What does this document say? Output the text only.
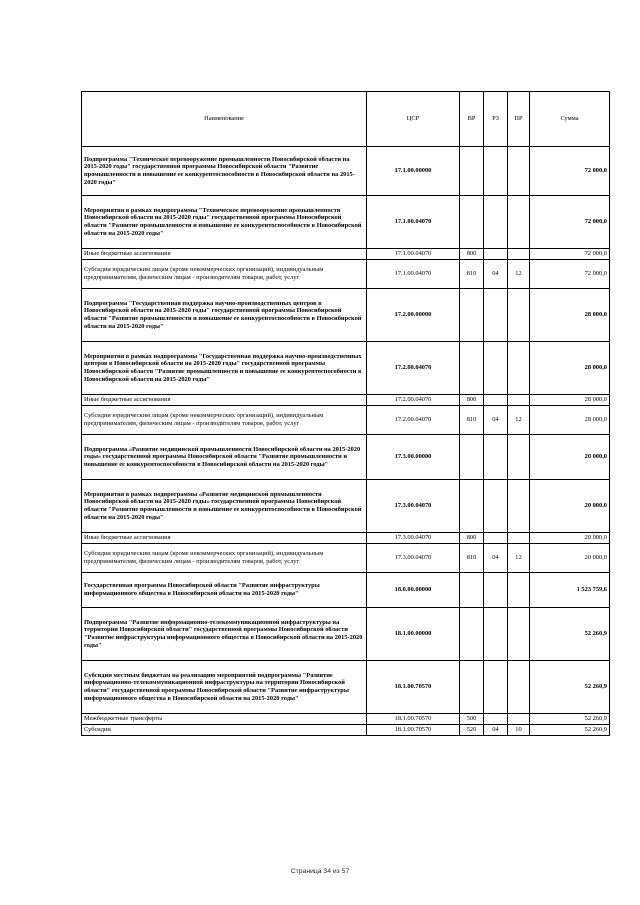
Наименование	ЦСР	ВР	РЗ	ПР	Сумма
Подпрограмма "Техническое перевооружение промышленности Новосибирской области на 2015-2020 годы" государственной программы Новосибирской области "Развитие промышленности и повышение ее конкурентоспособности в Новосибирской области на 2015-2020 годы"	17.1.00.00000				72 000,0
Мероприятия в рамках подпрограммы "Техническое перевооружение промышленности Новосибирской области на 2015-2020 годы" государственной программы Новосибирской области "Развитие промышленности и повышение ее конкурентоспособности в Новосибирской области на 2015-2020 годы"	17.1.00.04070				72 000,0
Иные бюджетные ассигнования	17.1.00.04070	800			72 000,0
Субсидии юридическим лицам (кроме некоммерческих организаций), индивидуальным предпринимателям, физическим лицам - производителям товаров, работ, услуг	17.1.00.04070	810	04	12	72 000,0
Подпрограмма "Государственная поддержка научно-производственных центров в Новосибирской области на 2015-2020 годы" государственной программы Новосибирской области "Развитие промышленности и повышение ее конкурентоспособности в Новосибирской области на 2015-2020 годы"	17.2.00.00000				28 000,0
Мероприятия в рамках подпрограммы "Государственная поддержка научно-производственных центров в Новосибирской области на 2015-2020 годы" государственной программы Новосибирской области "Развитие промышленности и повышение ее конкурентоспособности в Новосибирской области на 2015-2020 годы"	17.2.00.04070				28 000,0
Иные бюджетные ассигнования	17.2.00.04070	800			28 000,0
Субсидии юридическим лицам (кроме некоммерческих организаций), индивидуальным предпринимателям, физическим лицам - производителям товаров, работ, услуг	17.2.00.04070	810	04	12	28 000,0
Подпрограмма «Развитие медицинской промышленности Новосибирской области на 2015-2020 годы» государственной программы Новосибирской области "Развитие промышленности и повышение ее конкурентоспособности в Новосибирской области на 2015-2020 годы"	17.3.00.00000				20 000,0
Мероприятия в рамках подпрограммы «Развитие медицинской промышленности Новосибирской области на 2015-2020 годы» государственной программы Новосибирской области "Развитие промышленности и повышение ее конкурентоспособности в Новосибирской области на 2015-2020 годы"	17.3.00.04070				20 000,0
Иные бюджетные ассигнования	17.3.00.04070	800			20 000,0
Субсидии юридическим лицам (кроме некоммерческих организаций), индивидуальным предпринимателям, физическим лицам - производителям товаров, работ, услуг	17.3.00.04070	810	04	12	20 000,0
Государственная программа Новосибирской области "Развитие инфраструктуры информационного общества в Новосибирской области на 2015-2020 годы"	18.0.00.00000				1 523 759,6
Подпрограмма "Развитие информационно-телекоммуникационной инфраструктуры на территории Новосибирской области" государственной программы Новосибирской области "Развитие инфраструктуры информационного общества в Новосибирской области на 2015-2020 годы"	18.1.00.00000				52 260,9
Субсидии местным бюджетам на реализацию мероприятий подпрограммы "Развитие информационно-телекоммуникационной инфраструктуры на территории Новосибирской области" государственной программы Новосибирской области "Развитие инфраструктуры информационного общества в Новосибирской области на 2015-2020 годы"	18.1.00.70570				52 260,9
Межбюджетные трансферты	18.1.00.70570	500			52 260,9
Субсидии	18.1.00.70570	520	04	10	52 260,9
Страница 34 из 57
